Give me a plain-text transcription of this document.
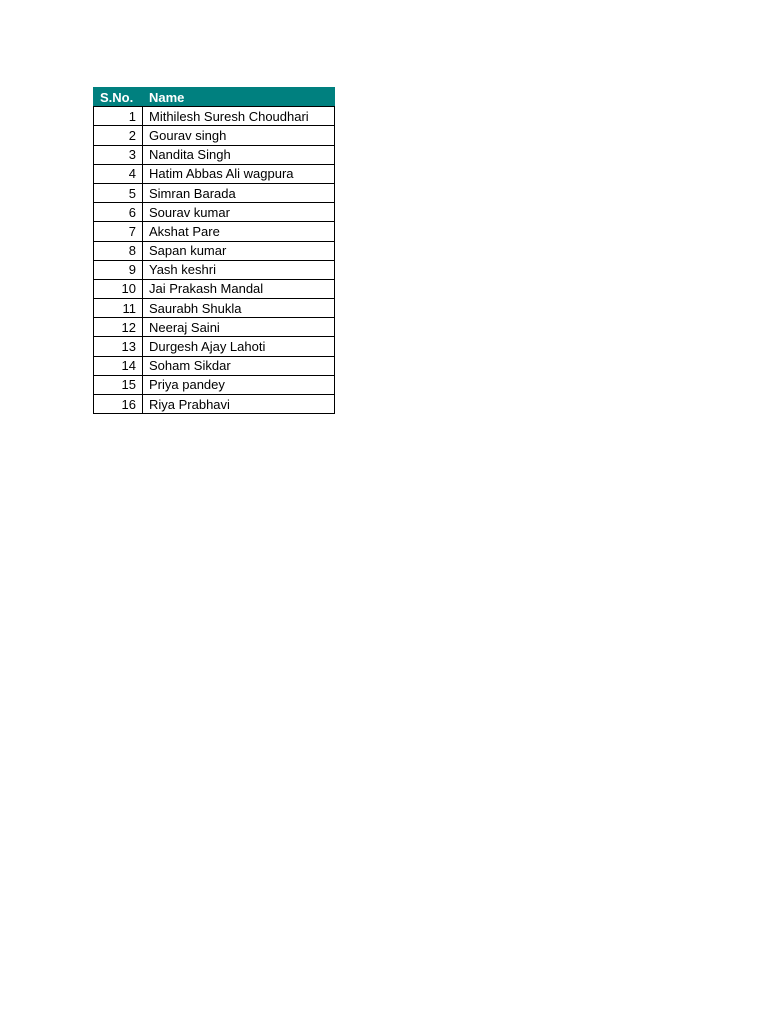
S.No.	Name
1	Mithilesh Suresh Choudhari
2	Gourav singh
3	Nandita Singh
4	Hatim Abbas Ali wagpura
5	Simran Barada
6	Sourav kumar
7	Akshat Pare
8	Sapan kumar
9	Yash keshri
10	Jai Prakash Mandal
11	Saurabh Shukla
12	Neeraj Saini
13	Durgesh Ajay Lahoti
14	Soham Sikdar
15	Priya pandey
16	Riya Prabhavi
